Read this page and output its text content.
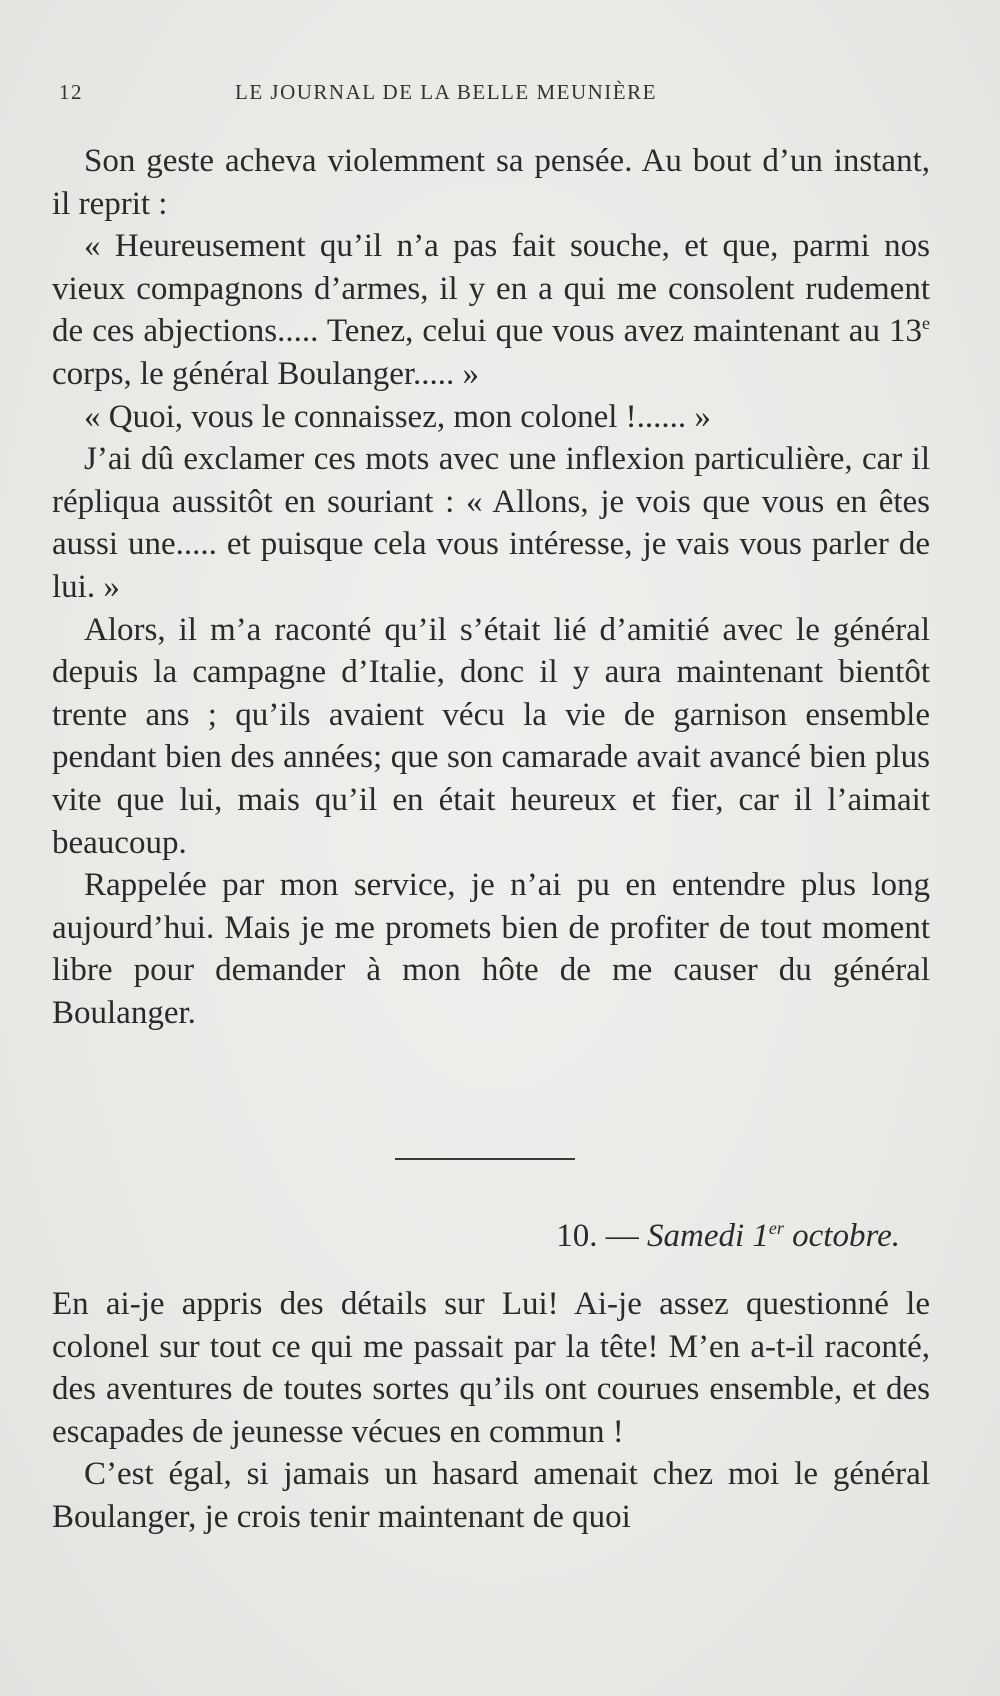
12	LE JOURNAL DE LA BELLE MEUNIÈRE

Son geste acheva violemment sa pensée. Au bout d’un instant, il reprit :

« Heureusement qu’il n’a pas fait souche, et que, parmi nos vieux compagnons d’armes, il y en a qui me consolent rudement de ces abjections..... Tenez, celui que vous avez maintenant au 13e corps, le général Boulanger..... »

« Quoi, vous le connaissez, mon colonel !...... »

J’ai dû exclamer ces mots avec une inflexion particulière, car il répliqua aussitôt en souriant : « Allons, je vois que vous en êtes aussi une..... et puisque cela vous intéresse, je vais vous parler de lui. »

Alors, il m’a raconté qu’il s’était lié d’amitié avec le général depuis la campagne d’Italie, donc il y aura maintenant bientôt trente ans ; qu’ils avaient vécu la vie de garnison ensemble pendant bien des années; que son camarade avait avancé bien plus vite que lui, mais qu’il en était heureux et fier, car il l’aimait beaucoup.

Rappelée par mon service, je n’ai pu en entendre plus long aujourd’hui. Mais je me promets bien de profiter de tout moment libre pour demander à mon hôte de me causer du général Boulanger.

10. — Samedi 1er octobre.

En ai-je appris des détails sur Lui! Ai-je assez questionné le colonel sur tout ce qui me passait par la tête! M’en a-t-il raconté, des aventures de toutes sortes qu’ils ont courues ensemble, et des escapades de jeunesse vécues en commun !

C’est égal, si jamais un hasard amenait chez moi le général Boulanger, je crois tenir maintenant de quoi
